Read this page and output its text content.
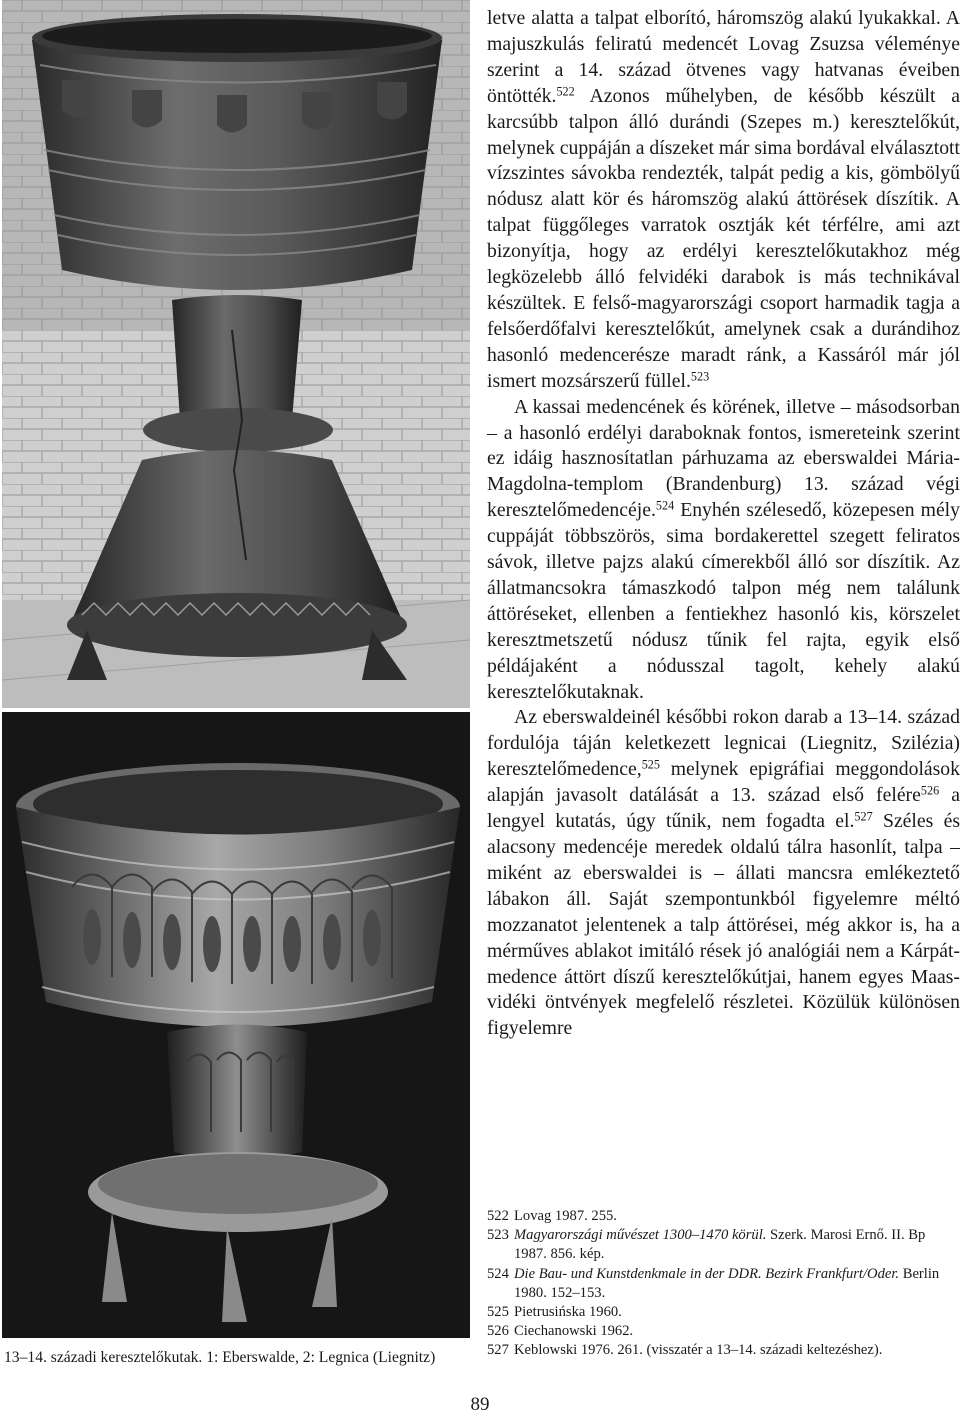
13–14. századi keresztelőkutak. 1: Eberswalde, 2: Legnica (Liegnitz)

letve alatta a talpat elborító, háromszög alakú lyukakkal. A majuszkulás feliratú medencét Lovag Zsuzsa véleménye szerint a 14. század ötvenes vagy hatvanas éveiben öntötték.$^{522}$ Azonos műhelyben, de később készült a karcsúbb talpon álló durándi (Szepes m.) keresztelőkút, melynek cuppáján a díszeket már sima bordával elválasztott vízszintes sávokba rendezték, talpát pedig a kis, gömbölyű nódusz alatt kör és háromszög alakú áttörések díszítik. A talpat függőleges varratok osztják két térfélre, ami azt bizonyítja, hogy az erdélyi keresztelőkutakhoz még legközelebb álló felvidéki darabok is más technikával készültek. E felső-magyarországi csoport harmadik tagja a felsőerdőfalvi keresztelőkút, amelynek csak a durándihoz hasonló medencerésze maradt ránk, a Kassáról már jól ismert mozsárszerű füllel.$^{523}$

A kassai medencének és körének, illetve – másodsorban – a hasonló erdélyi daraboknak fontos, ismereteink szerint ez idáig hasznosítatlan párhuzama az eberswaldei Mária-Magdolna-templom (Brandenburg) 13. század végi keresztelőmedencéje.$^{524}$ Enyhén szélesedő, közepesen mély cuppáját többszörös, sima bordakerettel szegett feliratos sávok, illetve pajzs alakú címerekből álló sor díszítik. Az állatmancsokra támaszkodó talpon még nem találunk áttöréseket, ellenben a fentiekhez hasonló kis, körszelet keresztmetszetű nódusz tűnik fel rajta, egyik első példájaként a nódusszal tagolt, kehely alakú keresztelőkutaknak.

Az eberswaldeinél későbbi rokon darab a 13–14. század fordulója táján keletkezett legnicai (Liegnitz, Szilézia) keresztelőmedence,$^{525}$ melynek epigráfiai meggondolások alapján javasolt datálását a 13. század első felére$^{526}$ a lengyel kutatás, úgy tűnik, nem fogadta el.$^{527}$ Széles és alacsony medencéje meredek oldalú tálra hasonlít, talpa – miként az eberswaldei is – állati mancsra emlékeztető lábakon áll. Saját szempontunkból figyelemre méltó mozzanatot jelentenek a talp áttörései, még akkor is, ha a mérműves ablakot imitáló rések jó analógiái nem a Kárpát-medence áttört díszű keresztelőkútjai, hanem egyes Maas-vidéki öntvények megfelelő részletei. Közülük különösen figyelemre

522 Lovag 1987. 255.
523 Magyarországi művészet 1300–1470 körül. Szerk. Marosi Ernő. II. Bp 1987. 856. kép.
524 Die Bau- und Kunstdenkmale in der DDR. Bezirk Frankfurt/Oder. Berlin 1980. 152–153.
525 Pietrusińska 1960.
526 Ciechanowski 1962.
527 Keblowski 1976. 261. (visszatér a 13–14. századi keltezéshez).
89
